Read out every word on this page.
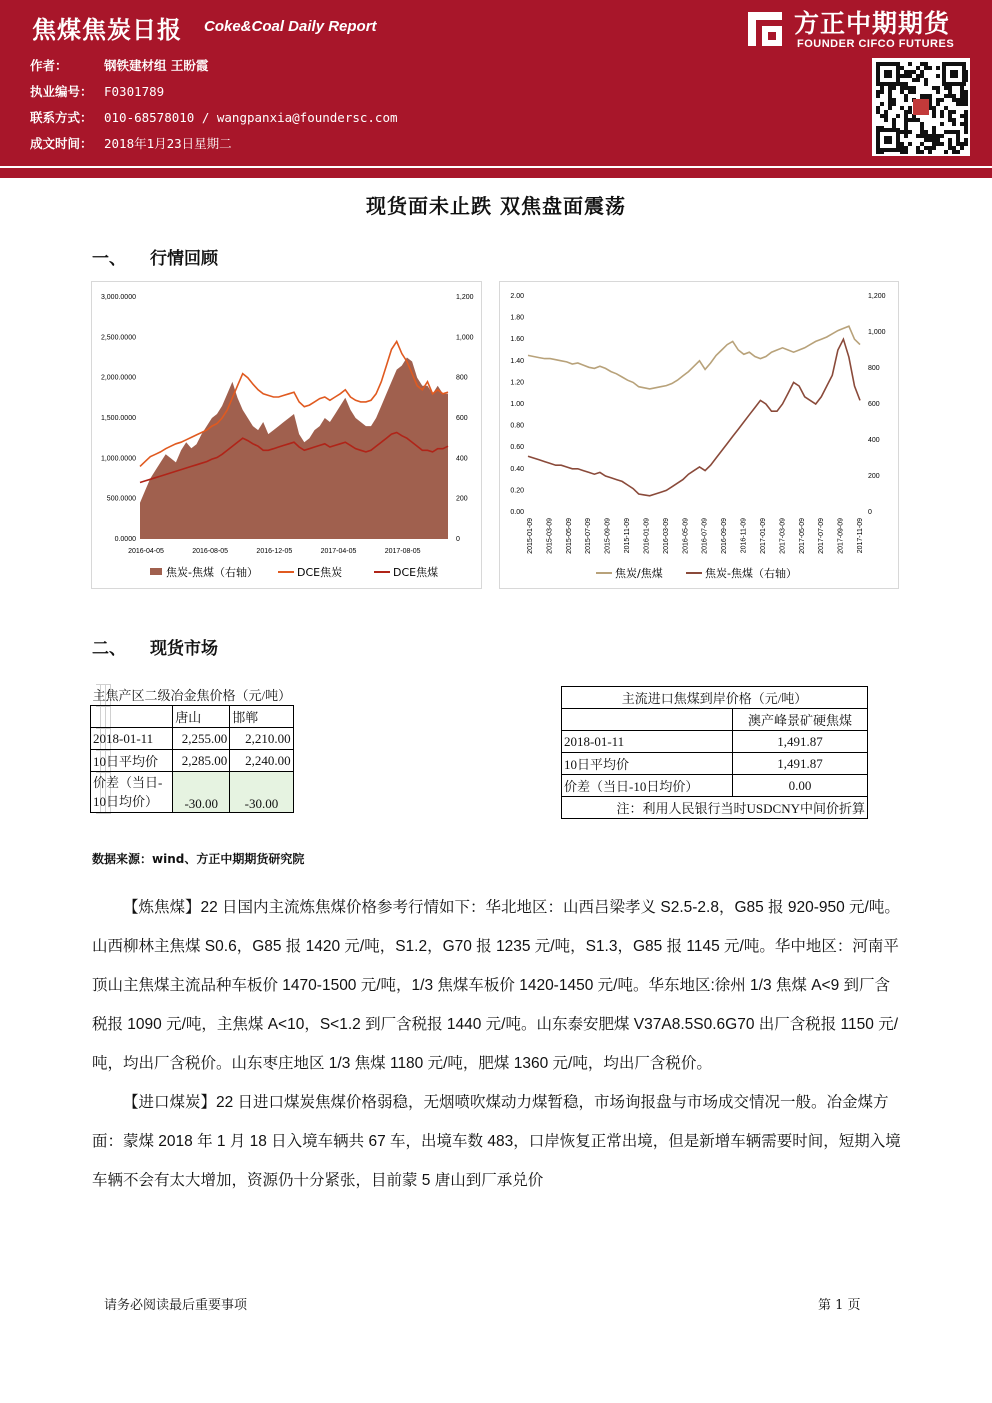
焦煤焦炭日报 Coke&Coal Daily Report	方正中期期货
FOUNDER CIFCO FUTURES
作者：	钢铁建材组 王盼霞
执业编号： F0301789
联系方式： 010-68578010 / wangpanxia@foundersc.com
成文时间： 2018年1月23日星期二
现货面未止跌 双焦盘面震荡
一、 行情回顾
0.0000
500.0000
1,000.0000
1,500.0000
2,000.0000
2,500.0000
3,000.0000
0
200
400
600
800
1,000
1,200
2016-04-05	2016-08-05	2016-12-05	2017-04-05	2017-08-05
焦炭-焦煤（右轴）	DCE焦炭	DCE焦煤
0.00
0.20
0.40
0.60
0.80
1.00
1.20
1.40
1.60
1.80
2.00
0
200
400
600
800
1,000
1,200
2015-01-09 2015-03-09 2015-05-09 2015-07-09 2015-09-09 2015-11-09 2016-01-09 2016-03-09 2016-05-09 2016-07-09 2016-09-09 2016-11-09 2017-01-09 2017-03-09 2017-05-09 2017-07-09 2017-09-09 2017-11-09
焦炭/焦煤	焦炭-焦煤（右轴）
二、 现货市场

主焦产区二级冶金焦价格（元/吨）		
	唐山	邯郸
2018-01-11	2,255.00	2,210.00
10日平均价	2,285.00	2,240.00
价差（当日-
10日均价）	-30.00	-30.00
主流进口焦煤到岸价格（元/吨）	
	澳产峰景矿硬焦煤
2018-01-11	1,491.87
10日平均价	1,491.87
价差（当日-10日均价）	0.00
注：利用人民银行当时USDCNY中间价折算	
数据来源：wind、方正中期期货研究院

【炼焦煤】22 日国内主流炼焦煤价格参考行情如下：华北地区：山西吕梁孝义 S2.5-2.8，G85 报 920-950 元/吨。山西柳林主焦煤 S0.6，G85 报 1420 元/吨，S1.2，G70 报 1235 元/吨，S1.3，G85 报 1145 元/吨。华中地区：河南平顶山主焦煤主流品种车板价 1470-1500 元/吨，1/3 焦煤车板价 1420-1450 元/吨。华东地区:徐州 1/3 焦煤 A<9 到厂含税报 1090 元/吨，主焦煤 A<10，S<1.2 到厂含税报 1440 元/吨。山东泰安肥煤 V37A8.5S0.6G70 出厂含税报 1150 元/吨，均出厂含税价。山东枣庄地区 1/3 焦煤 1180 元/吨，肥煤 1360 元/吨，均出厂含税价。

【进口煤炭】22 日进口煤炭焦煤价格弱稳，无烟喷吹煤动力煤暂稳，市场询报盘与市场成交情况一般。冶金煤方面：蒙煤 2018 年 1 月 18 日入境车辆共 67 车，出境车数 483，口岸恢复正常出境，但是新增车辆需要时间，短期入境车辆不会有太大增加，资源仍十分紧张，目前蒙 5 唐山到厂承兑价

请务必阅读最后重要事项	第 1 页
